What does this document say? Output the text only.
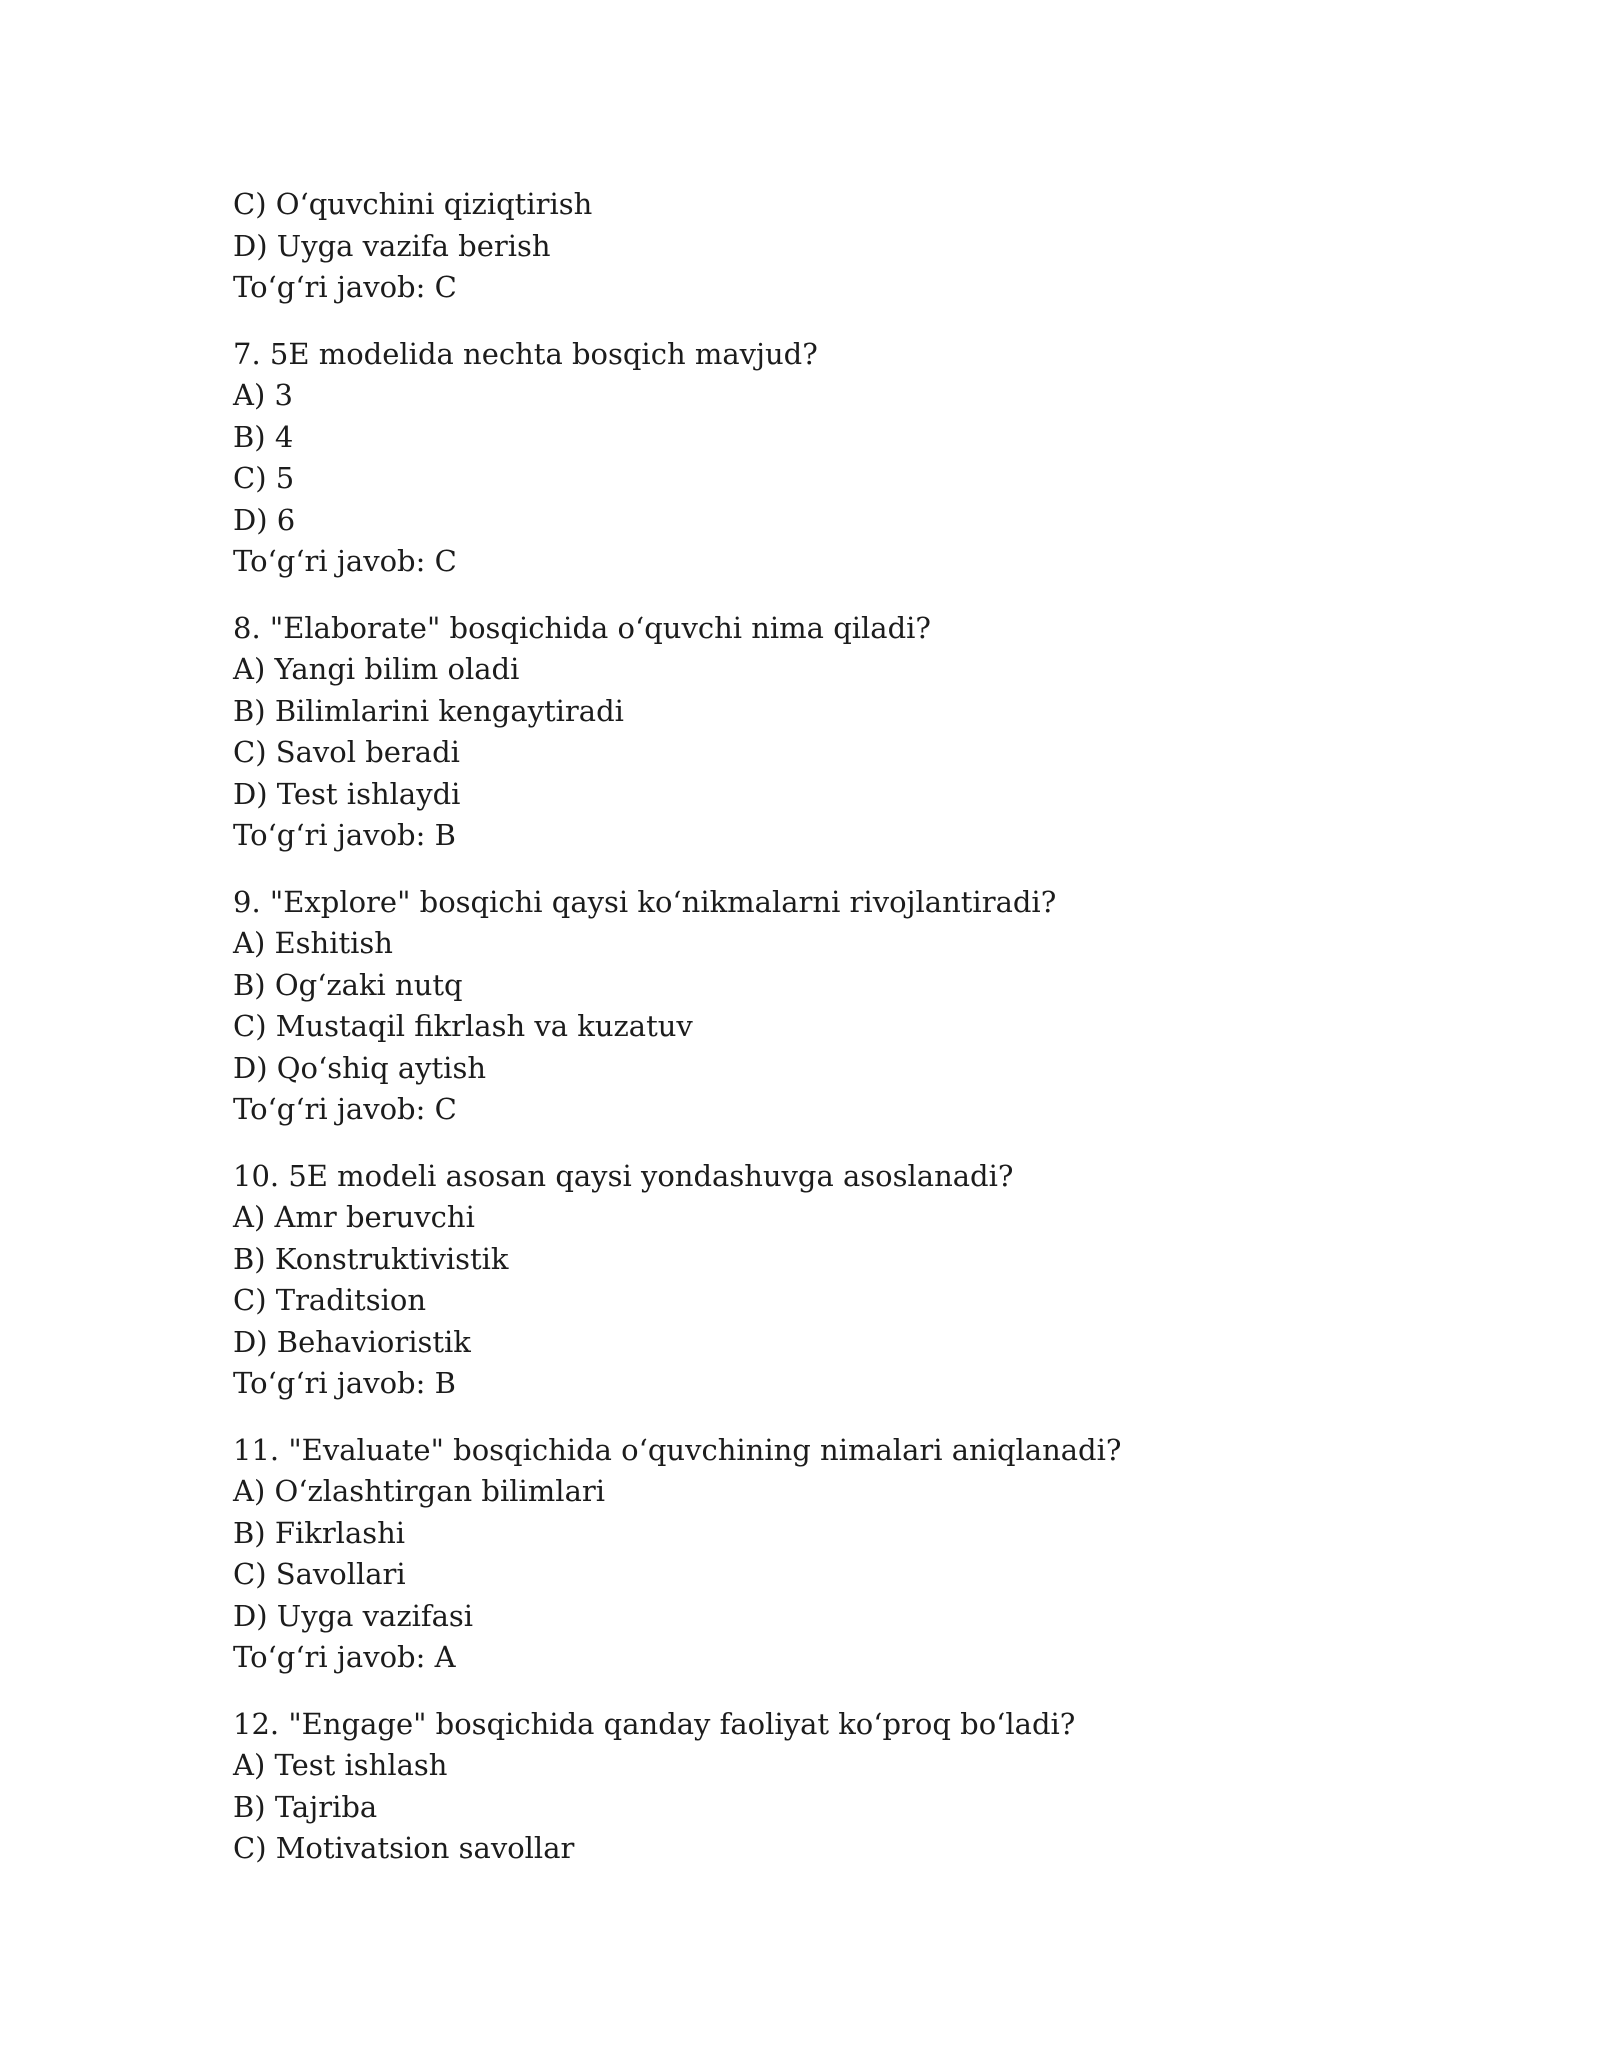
C) O‘quvchini qiziqtirish
D) Uyga vazifa berish
To‘g‘ri javob: C
7. 5E modelida nechta bosqich mavjud?
A) 3
B) 4
C) 5
D) 6
To‘g‘ri javob: C
8. "Elaborate" bosqichida o‘quvchi nima qiladi?
A) Yangi bilim oladi
B) Bilimlarini kengaytiradi
C) Savol beradi
D) Test ishlaydi
To‘g‘ri javob: B
9. "Explore" bosqichi qaysi ko‘nikmalarni rivojlantiradi?
A) Eshitish
B) Og‘zaki nutq
C) Mustaqil fikrlash va kuzatuv
D) Qo‘shiq aytish
To‘g‘ri javob: C
10. 5E modeli asosan qaysi yondashuvga asoslanadi?
A) Amr beruvchi
B) Konstruktivistik
C) Traditsion
D) Behavioristik
To‘g‘ri javob: B
11. "Evaluate" bosqichida o‘quvchining nimalari aniqlanadi?
A) O‘zlashtirgan bilimlari
B) Fikrlashi
C) Savollari
D) Uyga vazifasi
To‘g‘ri javob: A
12. "Engage" bosqichida qanday faoliyat ko‘proq bo‘ladi?
A) Test ishlash
B) Tajriba
C) Motivatsion savollar
